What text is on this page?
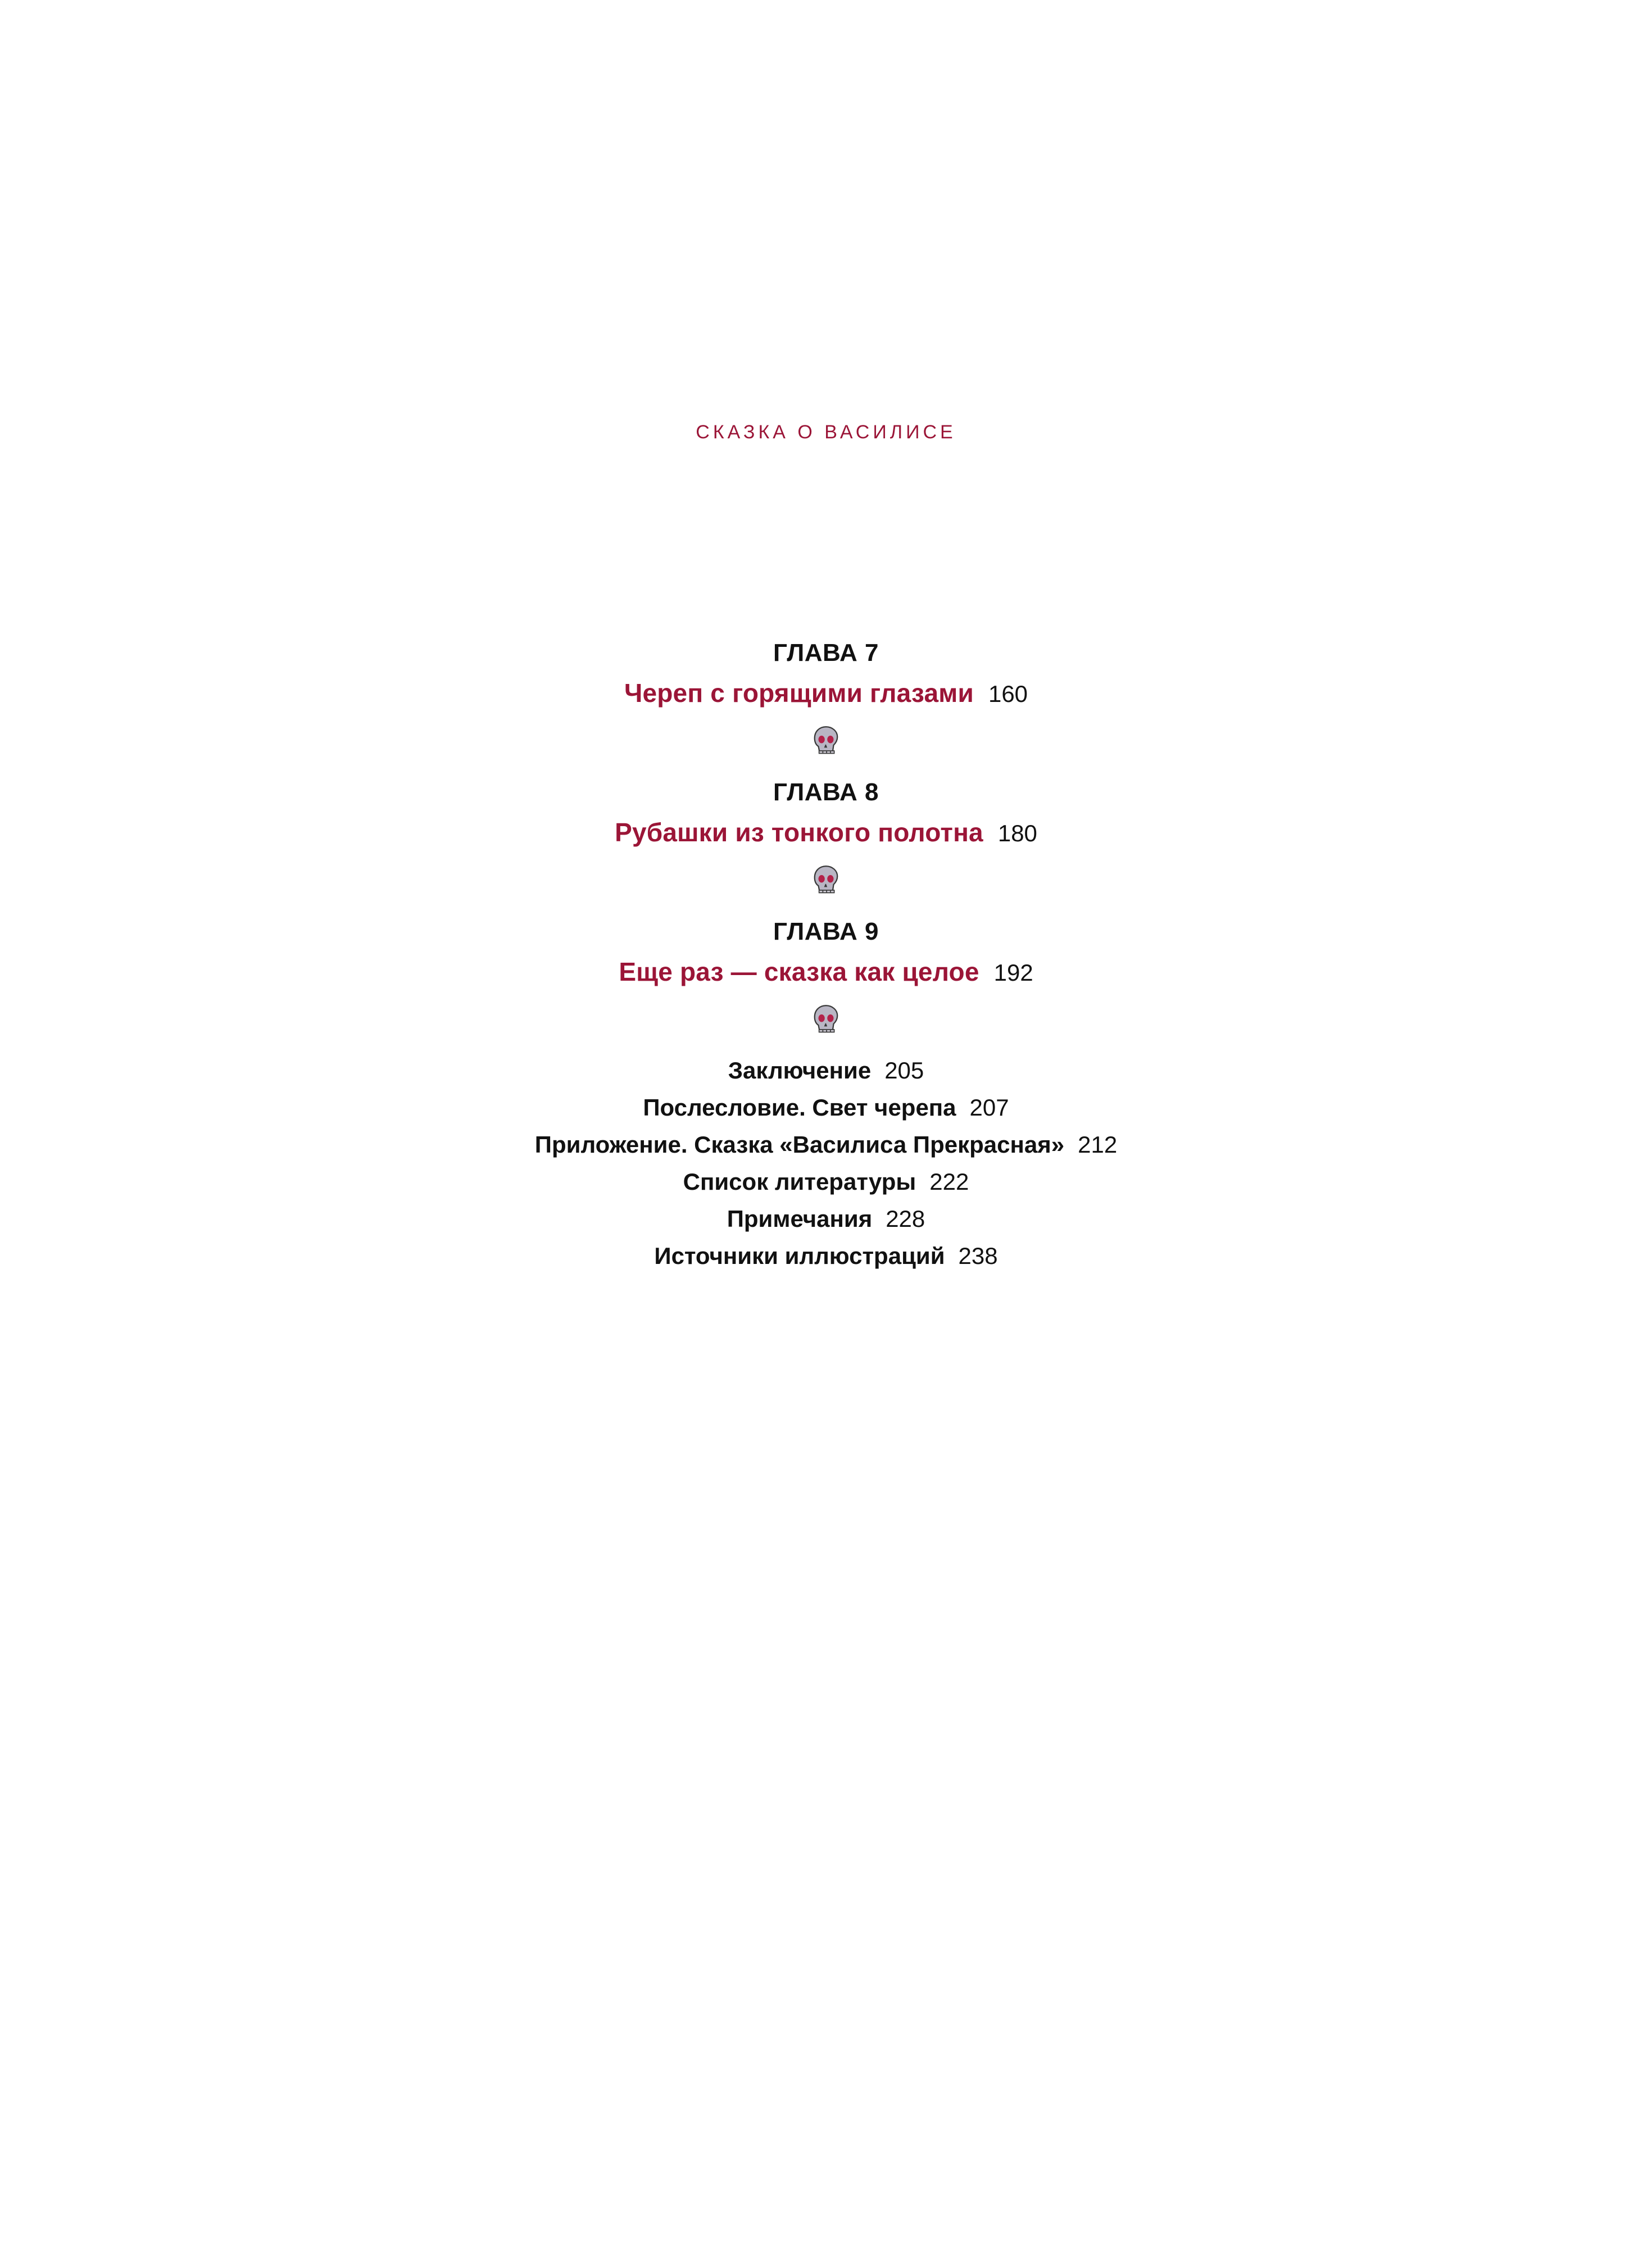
СКАЗКА О ВАСИЛИСЕ
ГЛАВА 7
Череп с горящими глазами 160
ГЛАВА 8
Рубашки из тонкого полотна 180
ГЛАВА 9
Еще раз — сказка как целое 192
Заключение 205
Послесловие. Свет черепа 207
Приложение. Сказка «Василиса Прекрасная» 212
Список литературы 222
Примечания 228
Источники иллюстраций 238
